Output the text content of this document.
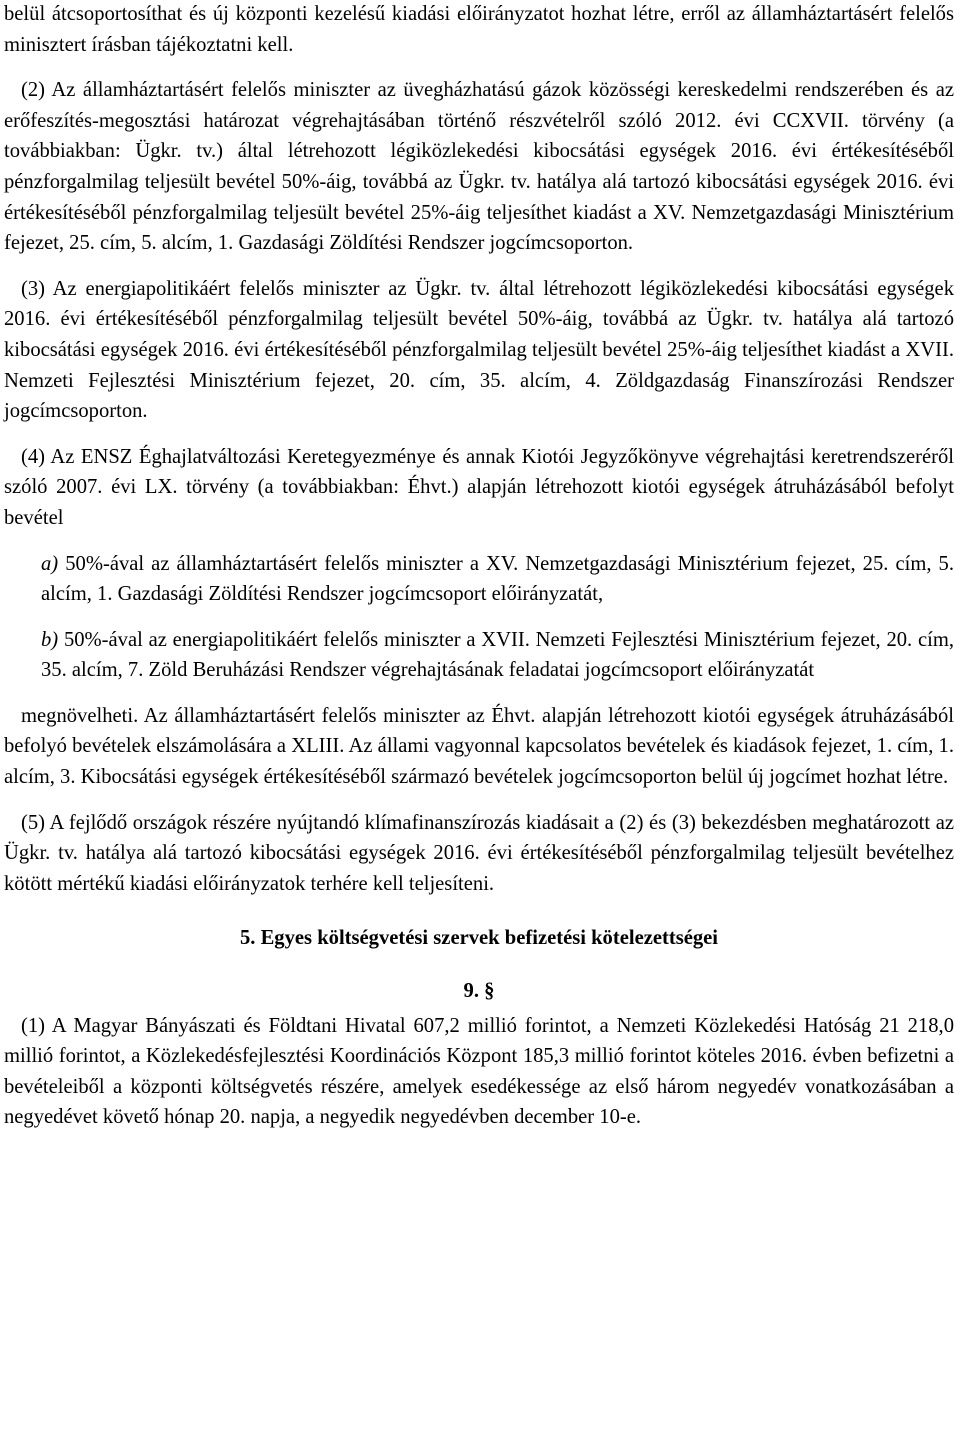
belül átcsoportosíthat és új központi kezelésű kiadási előirányzatot hozhat létre, erről az államháztartásért felelős minisztert írásban tájékoztatni kell.

(2) Az államháztartásért felelős miniszter az üvegházhatású gázok közösségi kereskedelmi rendszerében és az erőfeszítés-megosztási határozat végrehajtásában történő részvételről szóló 2012. évi CCXVII. törvény (a továbbiakban: Ügkr. tv.) által létrehozott légiközlekedési kibocsátási egységek 2016. évi értékesítéséből pénzforgalmilag teljesült bevétel 50%-áig, továbbá az Ügkr. tv. hatálya alá tartozó kibocsátási egységek 2016. évi értékesítéséből pénzforgalmilag teljesült bevétel 25%-áig teljesíthet kiadást a XV. Nemzetgazdasági Minisztérium fejezet, 25. cím, 5. alcím, 1. Gazdasági Zöldítési Rendszer jogcímcsoporton.

(3) Az energiapolitikáért felelős miniszter az Ügkr. tv. által létrehozott légiközlekedési kibocsátási egységek 2016. évi értékesítéséből pénzforgalmilag teljesült bevétel 50%-áig, továbbá az Ügkr. tv. hatálya alá tartozó kibocsátási egységek 2016. évi értékesítéséből pénzforgalmilag teljesült bevétel 25%-áig teljesíthet kiadást a XVII. Nemzeti Fejlesztési Minisztérium fejezet, 20. cím, 35. alcím, 4. Zöldgazdaság Finanszírozási Rendszer jogcímcsoporton.

(4) Az ENSZ Éghajlatváltozási Keretegyezménye és annak Kiotói Jegyzőkönyve végrehajtási keretrendszeréről szóló 2007. évi LX. törvény (a továbbiakban: Éhvt.) alapján létrehozott kiotói egységek átruházásából befolyt bevétel

a) 50%-ával az államháztartásért felelős miniszter a XV. Nemzetgazdasági Minisztérium fejezet, 25. cím, 5. alcím, 1. Gazdasági Zöldítési Rendszer jogcímcsoport előirányzatát,

b) 50%-ával az energiapolitikáért felelős miniszter a XVII. Nemzeti Fejlesztési Minisztérium fejezet, 20. cím, 35. alcím, 7. Zöld Beruházási Rendszer végrehajtásának feladatai jogcímcsoport előirányzatát

megnövelheti. Az államháztartásért felelős miniszter az Éhvt. alapján létrehozott kiotói egységek átruházásából befolyó bevételek elszámolására a XLIII. Az állami vagyonnal kapcsolatos bevételek és kiadások fejezet, 1. cím, 1. alcím, 3. Kibocsátási egységek értékesítéséből származó bevételek jogcímcsoporton belül új jogcímet hozhat létre.

(5) A fejlődő országok részére nyújtandó klímafinanszírozás kiadásait a (2) és (3) bekezdésben meghatározott az Ügkr. tv. hatálya alá tartozó kibocsátási egységek 2016. évi értékesítéséből pénzforgalmilag teljesült bevételhez kötött mértékű kiadási előirányzatok terhére kell teljesíteni.

5. Egyes költségvetési szervek befizetési kötelezettségei

9. §

(1) A Magyar Bányászati és Földtani Hivatal 607,2 millió forintot, a Nemzeti Közlekedési Hatóság 21 218,0 millió forintot, a Közlekedésfejlesztési Koordinációs Központ 185,3 millió forintot köteles 2016. évben befizetni a bevételeiből a központi költségvetés részére, amelyek esedékessége az első három negyedév vonatkozásában a negyedévet követő hónap 20. napja, a negyedik negyedévben december 10-e.
